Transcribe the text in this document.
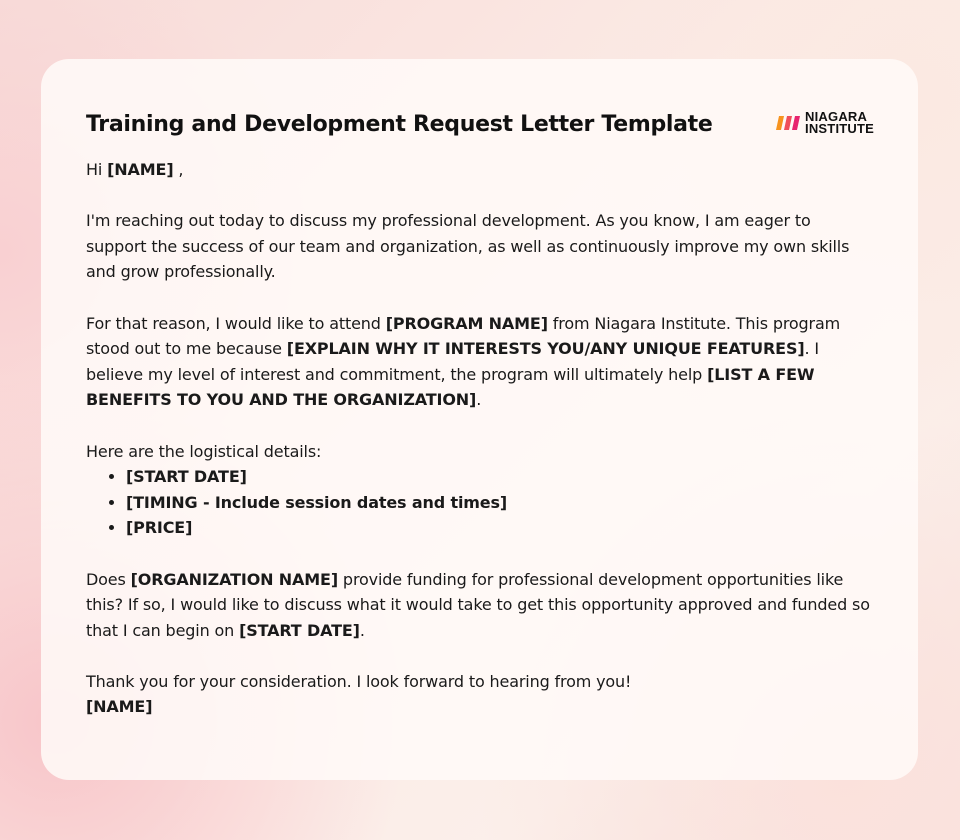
Training and Development Request Letter Template	NIAGARA
INSTITUTE

Hi [NAME] ,

I'm reaching out today to discuss my professional development. As you know, I am eager to support the success of our team and organization, as well as continuously improve my own skills and grow professionally.

For that reason, I would like to attend [PROGRAM NAME] from Niagara Institute. This program stood out to me because [EXPLAIN WHY IT INTERESTS YOU/ANY UNIQUE FEATURES]. I believe my level of interest and commitment, the program will ultimately help [LIST A FEW BENEFITS TO YOU AND THE ORGANIZATION].

Here are the logistical details:

• [START DATE]
• [TIMING - Include session dates and times]
• [PRICE]

Does [ORGANIZATION NAME] provide funding for professional development opportunities like this? If so, I would like to discuss what it would take to get this opportunity approved and funded so that I can begin on [START DATE].

Thank you for your consideration. I look forward to hearing from you!

[NAME]
